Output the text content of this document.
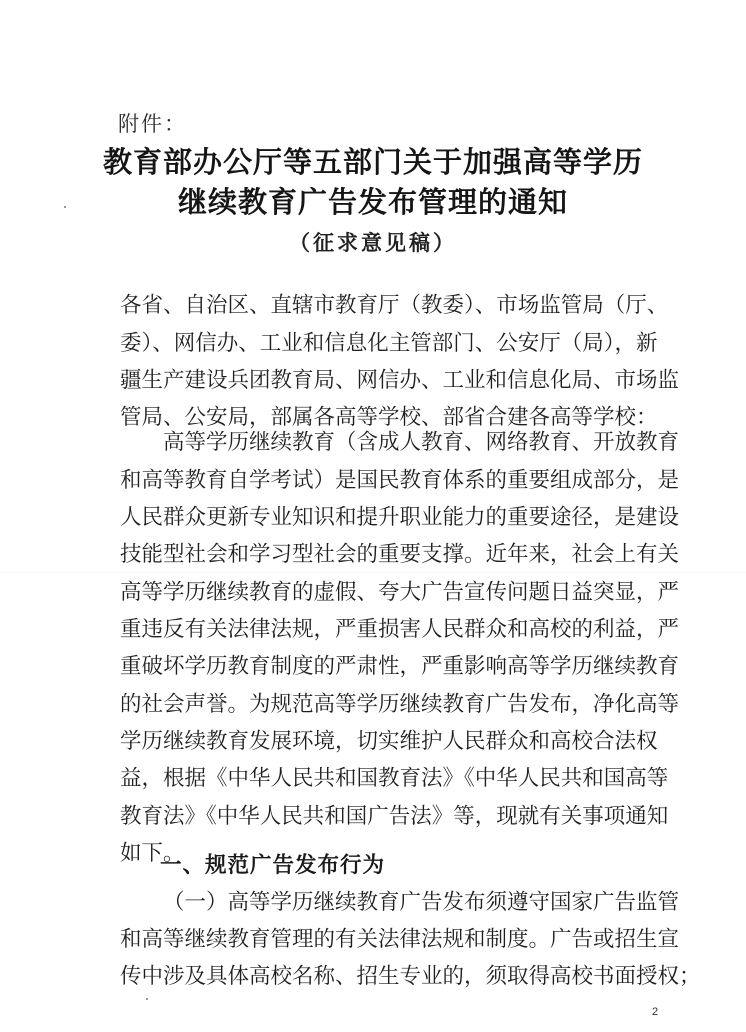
附件：
教育部办公厅等五部门关于加强高等学历
继续教育广告发布管理的通知
（征求意见稿）
各省、自治区、直辖市教育厅（教委）、市场监管局（厅、
委）、网信办、工业和信息化主管部门、公安厅（局），新
疆生产建设兵团教育局、网信办、工业和信息化局、市场监
管局、公安局，部属各高等学校、部省合建各高等学校：
高等学历继续教育（含成人教育、网络教育、开放教育
和高等教育自学考试）是国民教育体系的重要组成部分，是
人民群众更新专业知识和提升职业能力的重要途径，是建设
技能型社会和学习型社会的重要支撑。近年来，社会上有关
高等学历继续教育的虚假、夸大广告宣传问题日益突显，严
重违反有关法律法规，严重损害人民群众和高校的利益，严
重破坏学历教育制度的严肃性，严重影响高等学历继续教育
的社会声誉。为规范高等学历继续教育广告发布，净化高等
学历继续教育发展环境，切实维护人民群众和高校合法权
益，根据《中华人民共和国教育法》《中华人民共和国高等
教育法》《中华人民共和国广告法》等，现就有关事项通知
如下。
一、规范广告发布行为
（一）高等学历继续教育广告发布须遵守国家广告监管
和高等继续教育管理的有关法律法规和制度。广告或招生宣
传中涉及具体高校名称、招生专业的，须取得高校书面授权；
2
